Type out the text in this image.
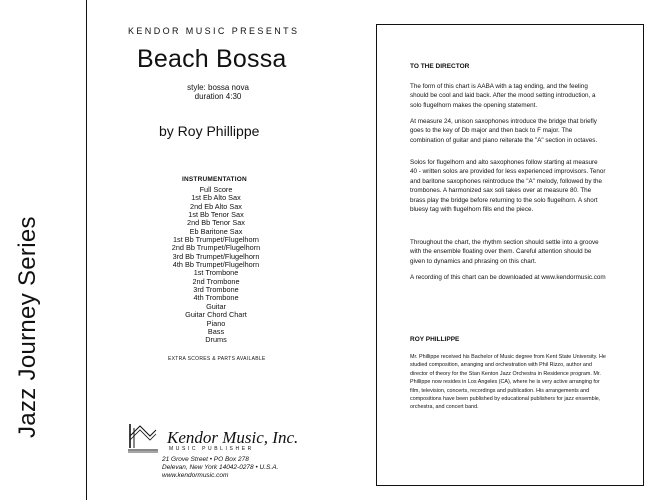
Jazz Journey Series
KENDOR MUSIC PRESENTS
Beach Bossa
style: bossa nova
duration 4:30
by Roy Phillippe
INSTRUMENTATION
Full Score
1st Eb Alto Sax
2nd Eb Alto Sax
1st Bb Tenor Sax
2nd Bb Tenor Sax
Eb Baritone Sax
1st Bb Trumpet/Flugelhorn
2nd Bb Trumpet/Flugelhorn
3rd Bb Trumpet/Flugelhorn
4th Bb Trumpet/Flugelhorn
1st Trombone
2nd Trombone
3rd Trombone
4th Trombone
Guitar
Guitar Chord Chart
Piano
Bass
Drums
EXTRA SCORES & PARTS AVAILABLE
Kendor Music, Inc.
MUSIC PUBLISHER
21 Grove Street • PO Box 278
Delevan, New York 14042-0278 • U.S.A.
www.kendormusic.com
TO THE DIRECTOR
The form of this chart is AABA with a tag ending, and the feeling should be cool and laid back. After the mood setting introduction, a solo flugelhorn makes the opening statement.
At measure 24, unison saxophones introduce the bridge that briefly goes to the key of Db major and then back to F major. The combination of guitar and piano reiterate the "A" section in octaves.
Solos for flugelhorn and alto saxophones follow starting at measure 40 - written solos are provided for less experienced improvisors. Tenor and baritone saxophones reintroduce the "A" melody, followed by the trombones. A harmonized sax soli takes over at measure 80. The brass play the bridge before returning to the solo flugelhorn. A short bluesy tag with flugelhorn fills end the piece.
Throughout the chart, the rhythm section should settle into a groove with the ensemble floating over them. Careful attention should be given to dynamics and phrasing on this chart.
A recording of this chart can be downloaded at www.kendormusic.com
ROY PHILLIPPE
Mr. Phillippe received his Bachelor of Music degree from Kent State University. He studied composition, arranging and orchestration with Phil Rizzo, author and director of theory for the Stan Kenton Jazz Orchestra in Residence program. Mr. Phillippe now resides in Los Angeles (CA), where he is very active arranging for film, television, concerts, recordings and publication. His arrangements and compositions have been published by educational publishers for jazz ensemble, orchestra, and concert band.
